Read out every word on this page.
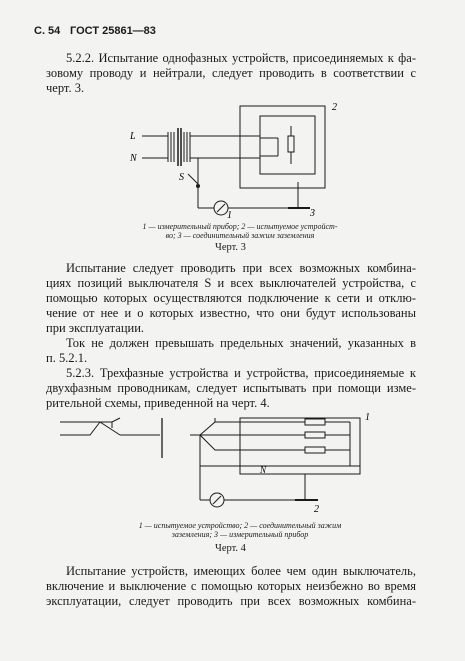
С. 54 ГОСТ 25861—83
5.2.2. Испытание однофазных устройств, присоединяемых к фа-
зовому проводу и нейтрали, следует проводить в соответствии с
черт. 3.
L
N
S
1
2
3
1 — измерительный прибор; 2 — испытуемое устройст-
во; 3 — соединительный зажим заземления
Черт. 3
Испытание следует проводить при всех возможных комбина-
циях позиций выключателя S и всех выключателей устройства, с
помощью которых осуществляются подключение к сети и отклю-
чение от нее и о которых известно, что они будут использованы
при эксплуатации.
Ток не должен превышать предельных значений, указанных в
п. 5.2.1.
5.2.3. Трехфазные устройства и устройства, присоединяемые к
двухфазным проводникам, следует испытывать при помощи изме-
рительной схемы, приведенной на черт. 4.
N
1
2
1 — испытуемое устройство; 2 — соединительный зажим
заземления; 3 — измерительный прибор
Черт. 4
Испытание устройств, имеющих более чем один выключатель,
включение и выключение с помощью которых неизбежно во время
эксплуатации, следует проводить при всех возможных комбина-
